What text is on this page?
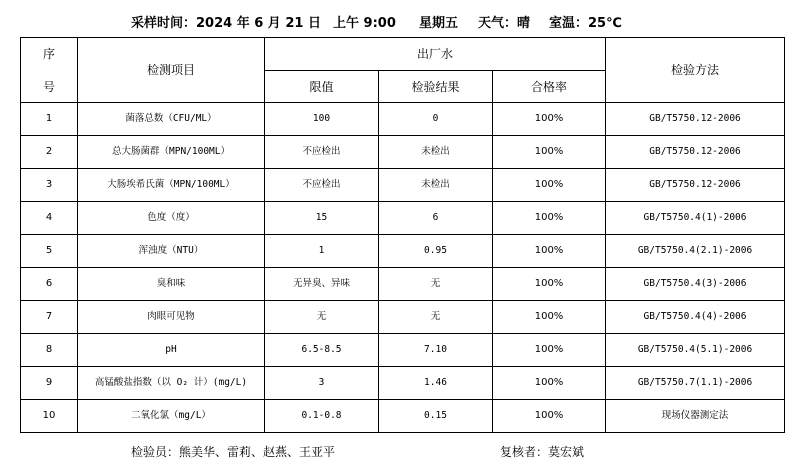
采样时间：2024 年 6 月 21 日 上午 9:00 星期五 天气：晴 室温：25℃
序
号	检测项目	出厂水			检验方法
		限值	检验结果	合格率	
1	菌落总数（CFU/ML）	100	0	100%	GB/T5750.12-2006
2	总大肠菌群（MPN/100ML）	不应检出	未检出	100%	GB/T5750.12-2006
3	大肠埃希氏菌（MPN/100ML）	不应检出	未检出	100%	GB/T5750.12-2006
4	色度（度）	15	6	100%	GB/T5750.4(1)-2006
5	浑浊度（NTU）	1	0.95	100%	GB/T5750.4(2.1)-2006
6	臭和味	无异臭、异味	无	100%	GB/T5750.4(3)-2006
7	肉眼可见物	无	无	100%	GB/T5750.4(4)-2006
8	pH	6.5-8.5	7.10	100%	GB/T5750.4(5.1)-2006
9	高锰酸盐指数（以 O₂ 计）(mg/L)	3	1.46	100%	GB/T5750.7(1.1)-2006
10	二氧化氯（mg/L）	0.1-0.8	0.15	100%	现场仪器测定法
检验员：熊美华、雷莉、赵燕、王亚平	复核者：莫宏斌
